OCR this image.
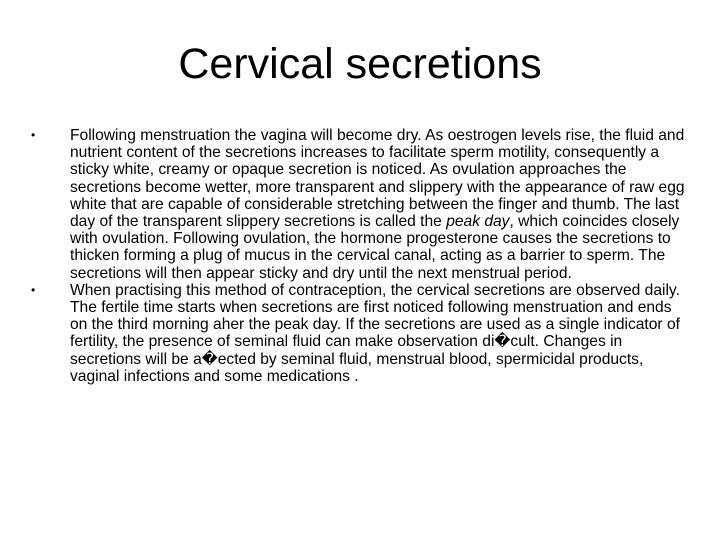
Cervical secretions
• Following menstruation the vagina will become dry. As oestrogen levels rise, the fluid and nutrient content of the secretions increases to facilitate sperm motility, consequently a sticky white, creamy or opaque secretion is noticed. As ovulation approaches the secretions become wetter, more transparent and slippery with the appearance of raw egg white that are capable of considerable stretching between the finger and thumb. The last day of the transparent slippery secretions is called the peak day, which coincides closely with ovulation. Following ovulation, the hormone progesterone causes the secretions to thicken forming a plug of mucus in the cervical canal, acting as a barrier to sperm. The secretions will then appear sticky and dry until the next menstrual period.
• When practising this method of contraception, the cervical secretions are observed daily. The fertile time starts when secretions are first noticed following menstruation and ends on the third morning aher the peak day. If the secretions are used as a single indicator of fertility, the presence of seminal fluid can make observation di�cult. Changes in secretions will be a�ected by seminal fluid, menstrual blood, spermicidal products, vaginal infections and some medications .
